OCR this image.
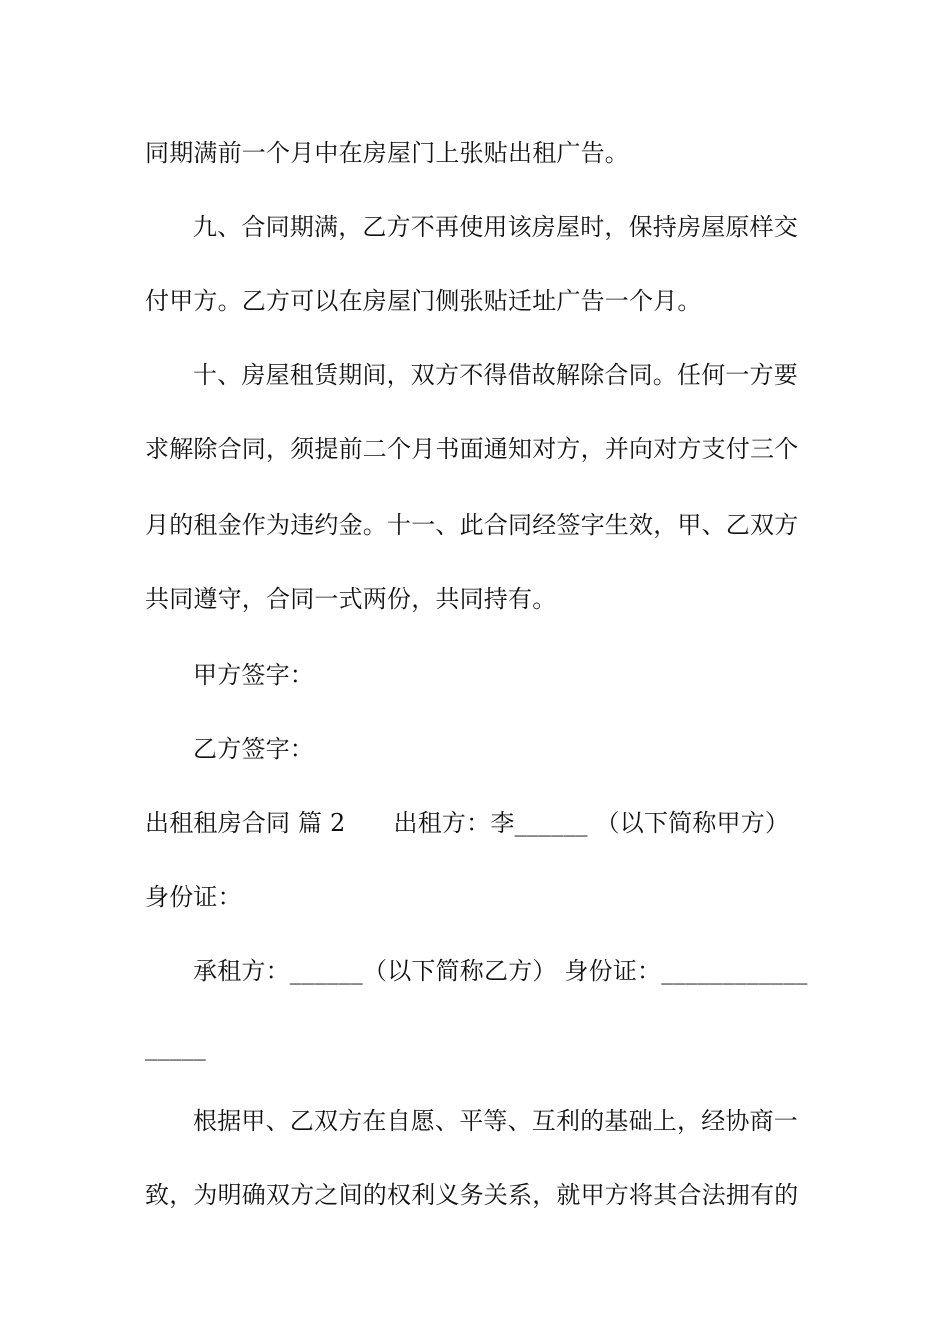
同期满前一个月中在房屋门上张贴出租广告。
九、合同期满，乙方不再使用该房屋时，保持房屋原样交
付甲方。乙方可以在房屋门侧张贴迁址广告一个月。
十、房屋租赁期间，双方不得借故解除合同。任何一方要
求解除合同，须提前二个月书面通知对方，并向对方支付三个
月的租金作为违约金。十一、此合同经签字生效，甲、乙双方
共同遵守，合同一式两份，共同持有。
甲方签字：
乙方签字：
出租租房合同 篇 2 出租方：李______ （以下简称甲方）
身份证：
承租方：______（以下简称乙方） 身份证：____________
_____
根据甲、乙双方在自愿、平等、互利的基础上，经协商一
致，为明确双方之间的权利义务关系，就甲方将其合法拥有的
